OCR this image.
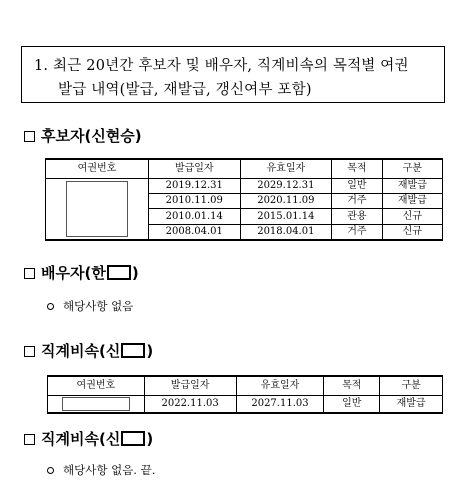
1. 최근 20년간 후보자 및 배우자, 직계비속의 목적별 여권
발급 내역(발급, 재발급, 갱신여부 포함)
후보자(신현승)
여권번호	발급일자	유효일자	목적	구분

	2019.12.31	2029.12.31	일반	재발급
	2010.11.09	2020.11.09	거주	재발급
	2010.01.14	2015.01.14	관용	신규
	2008.04.01	2018.04.01	거주	신규
배우자(한 )
해당사항 없음
직계비속(신 )
여권번호	발급일자	유효일자	목적	구분

	2022.11.03	2027.11.03	일반	재발급
직계비속(신 )
해당사항 없음. 끝.
